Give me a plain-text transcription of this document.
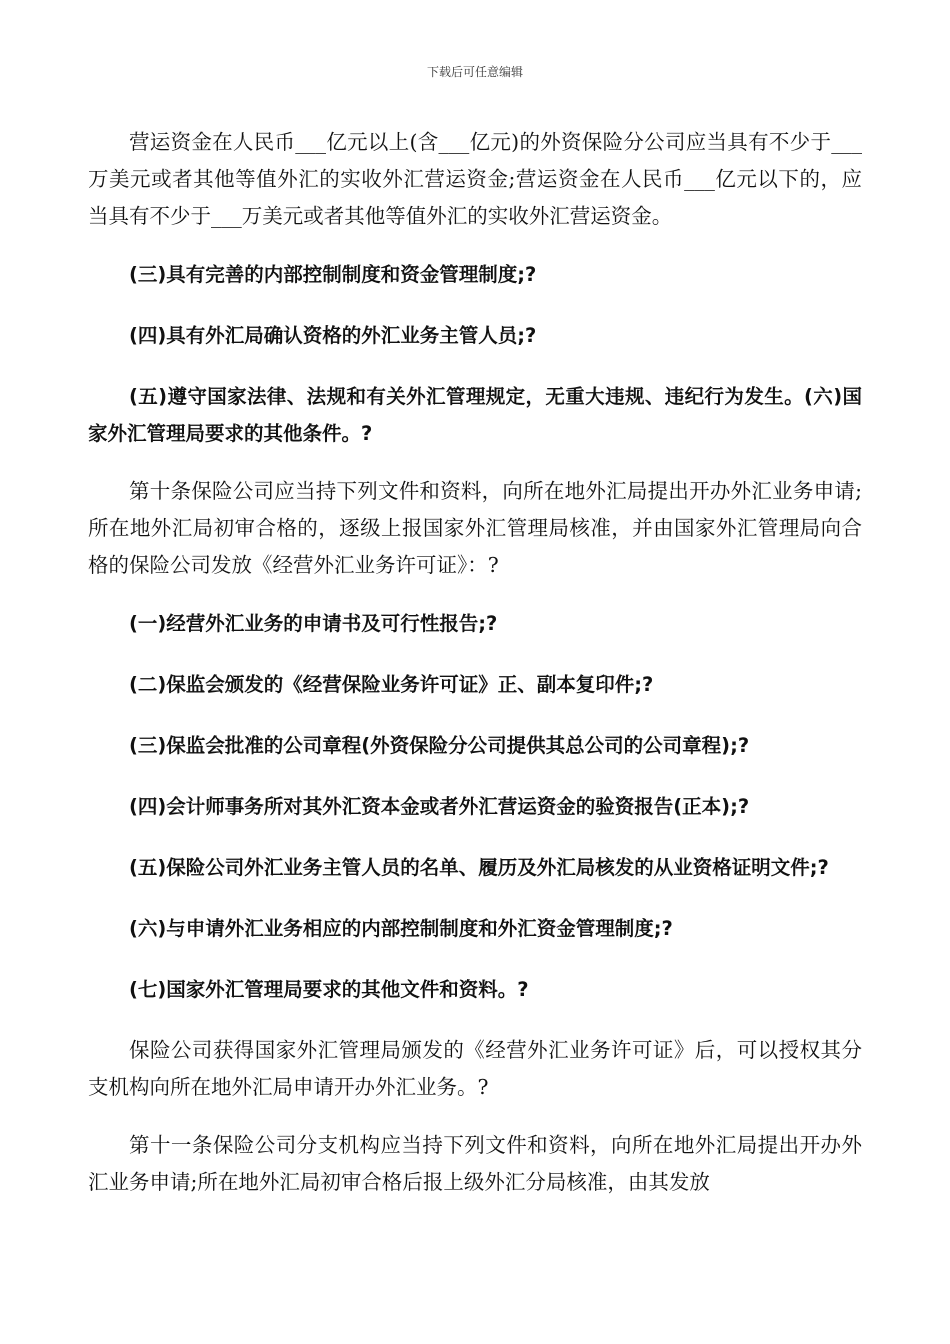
下载后可任意编辑

营运资金在人民币___亿元以上(含___亿元)的外资保险分公司应当具有不少于___万美元或者其他等值外汇的实收外汇营运资金;营运资金在人民币___亿元以下的，应当具有不少于___万美元或者其他等值外汇的实收外汇营运资金。

(三)具有完善的内部控制制度和资金管理制度;?

(四)具有外汇局确认资格的外汇业务主管人员;?

(五)遵守国家法律、法规和有关外汇管理规定，无重大违规、违纪行为发生。(六)国家外汇管理局要求的其他条件。?

第十条保险公司应当持下列文件和资料，向所在地外汇局提出开办外汇业务申请;所在地外汇局初审合格的，逐级上报国家外汇管理局核准，并由国家外汇管理局向合格的保险公司发放《经营外汇业务许可证》：?

(一)经营外汇业务的申请书及可行性报告;?

(二)保监会颁发的《经营保险业务许可证》正、副本复印件;?

(三)保监会批准的公司章程(外资保险分公司提供其总公司的公司章程);?

(四)会计师事务所对其外汇资本金或者外汇营运资金的验资报告(正本);?

(五)保险公司外汇业务主管人员的名单、履历及外汇局核发的从业资格证明文件;?

(六)与申请外汇业务相应的内部控制制度和外汇资金管理制度;?

(七)国家外汇管理局要求的其他文件和资料。?

保险公司获得国家外汇管理局颁发的《经营外汇业务许可证》后，可以授权其分支机构向所在地外汇局申请开办外汇业务。?

第十一条保险公司分支机构应当持下列文件和资料，向所在地外汇局提出开办外汇业务申请;所在地外汇局初审合格后报上级外汇分局核准，由其发放
